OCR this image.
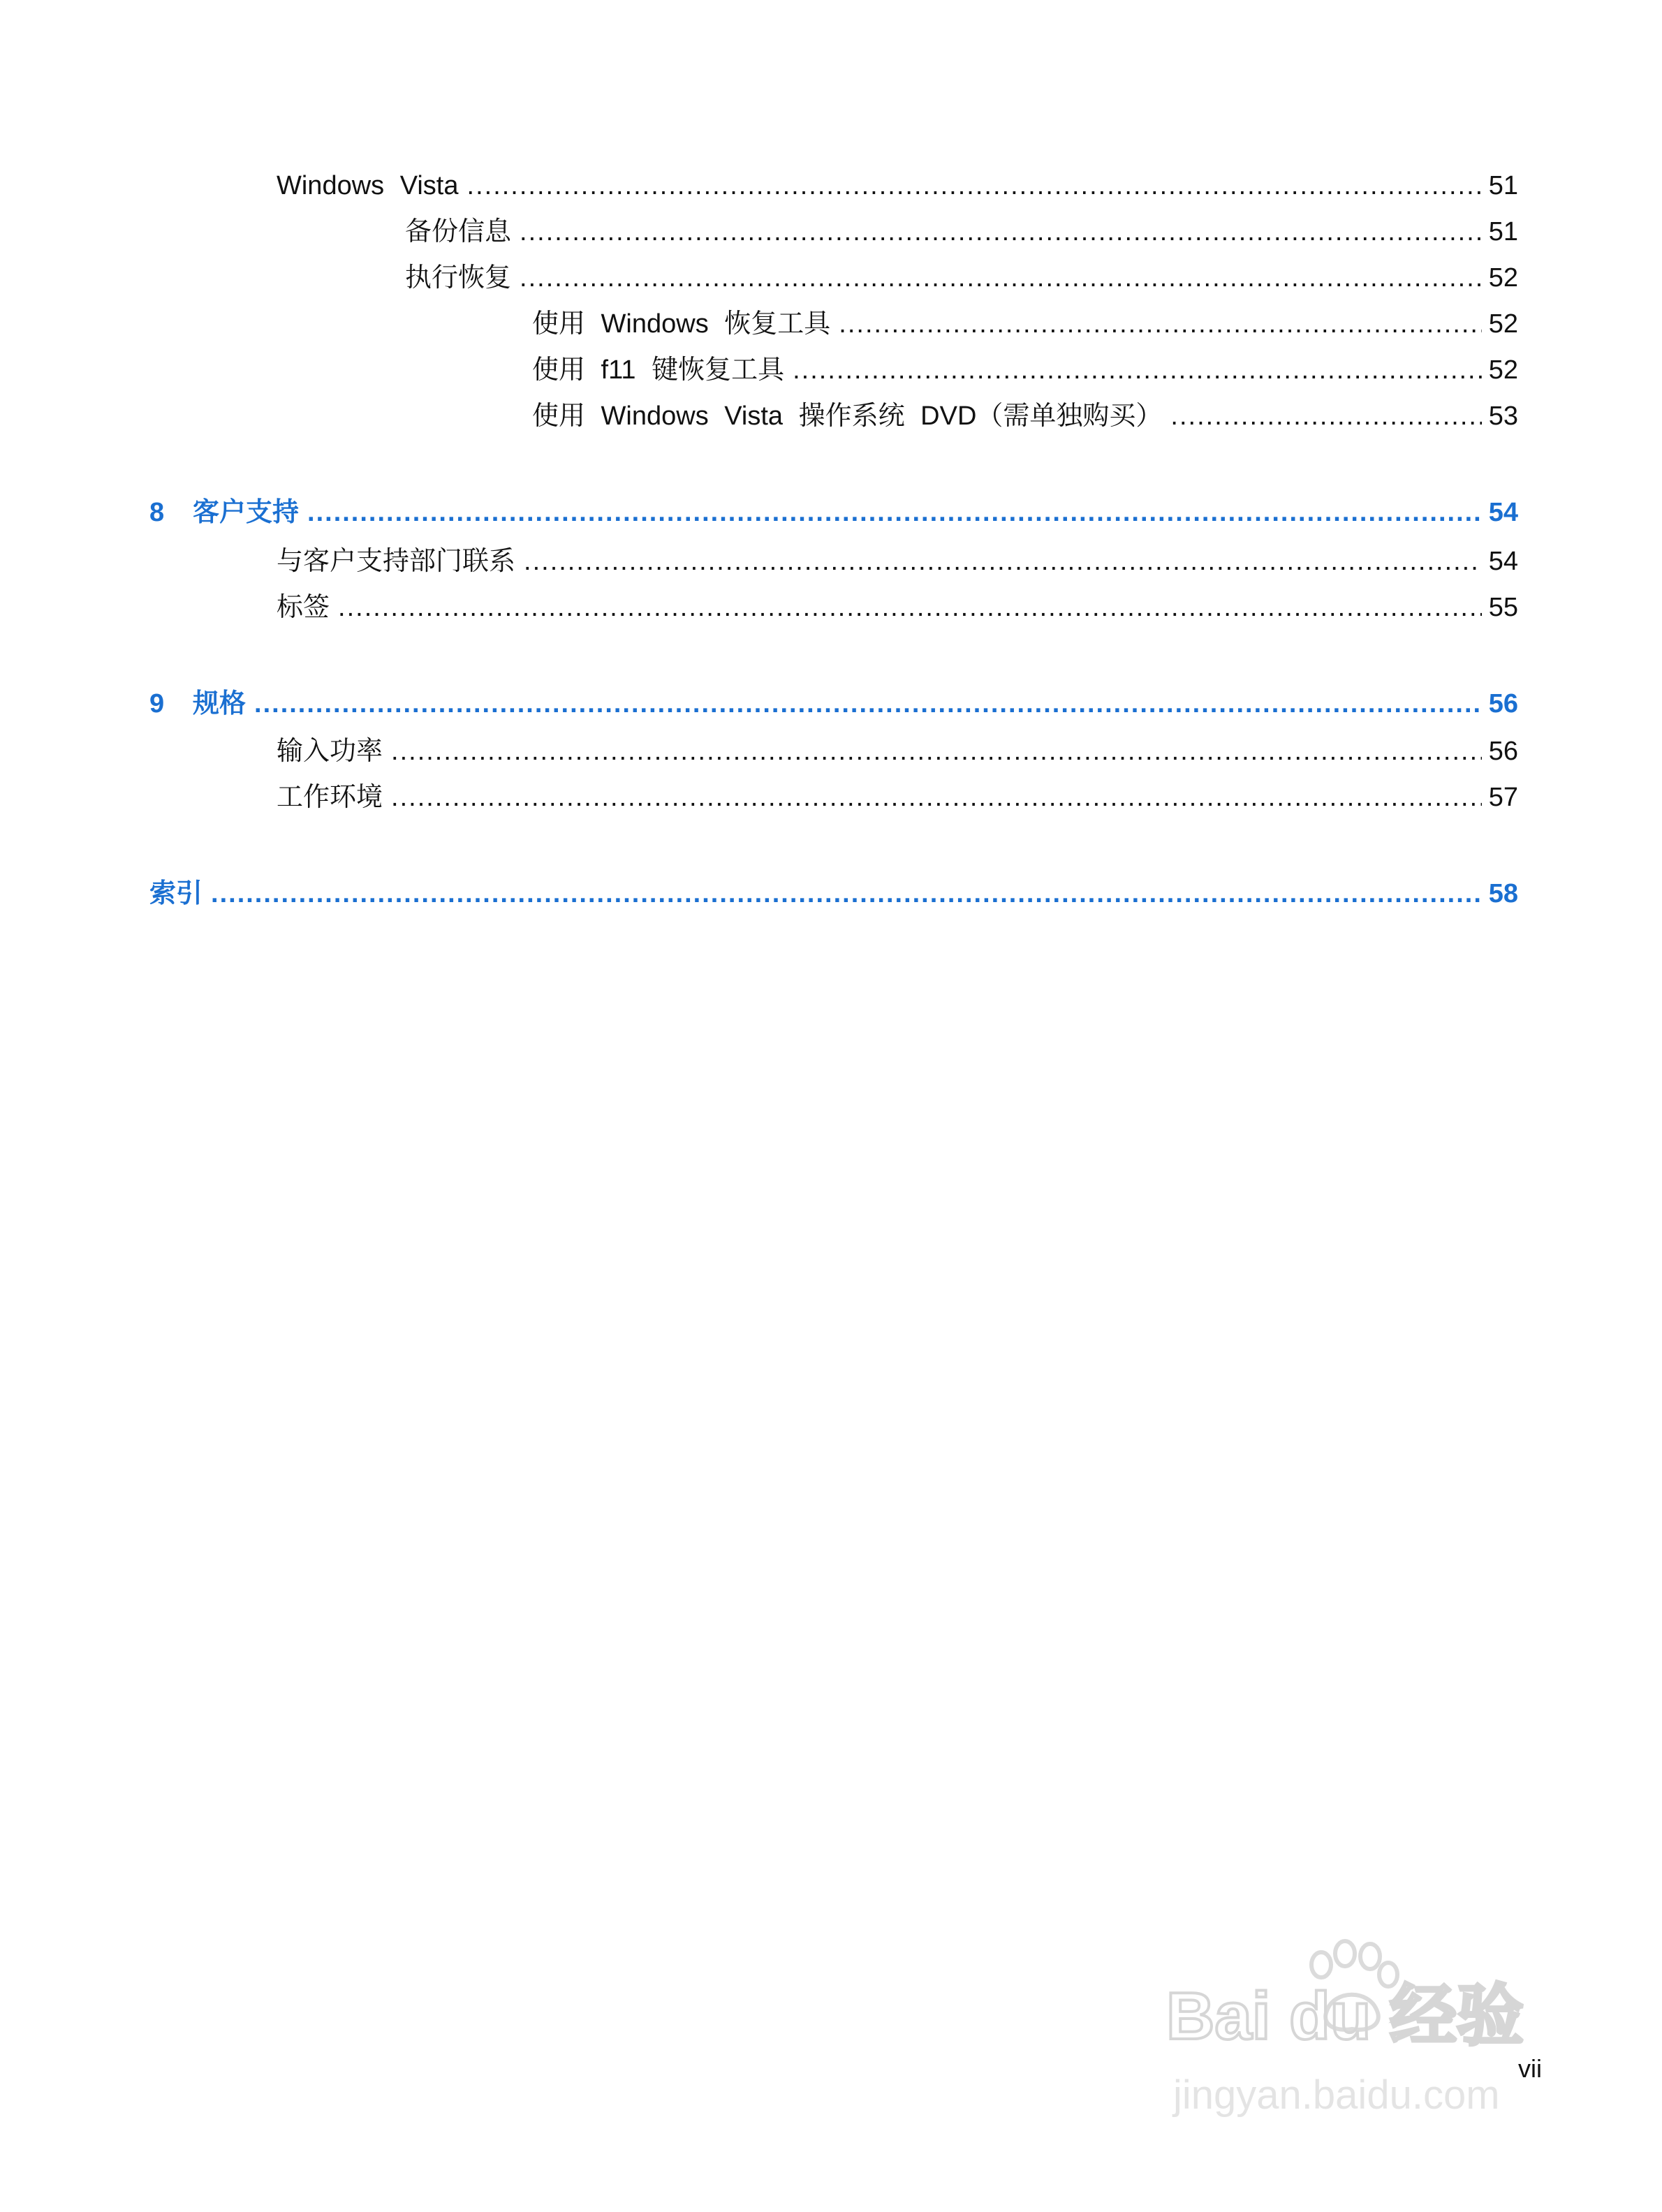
Windows Vista .....	51
备份信息 .....	51
执行恢复 .....	52
使用 Windows 恢复工具 .....	52
使用 f11 键恢复工具 .....	52
使用 Windows Vista 操作系统 DVD（需单独购买） .....	53
8	客户支持 .....	54
与客户支持部门联系 .....	54
标签 .....	55
9	规格 .....	56
输入功率 .....	56
工作环境 .....	57
索引 .....	58
vii
Bai du 经验
jingyan.baidu.com
